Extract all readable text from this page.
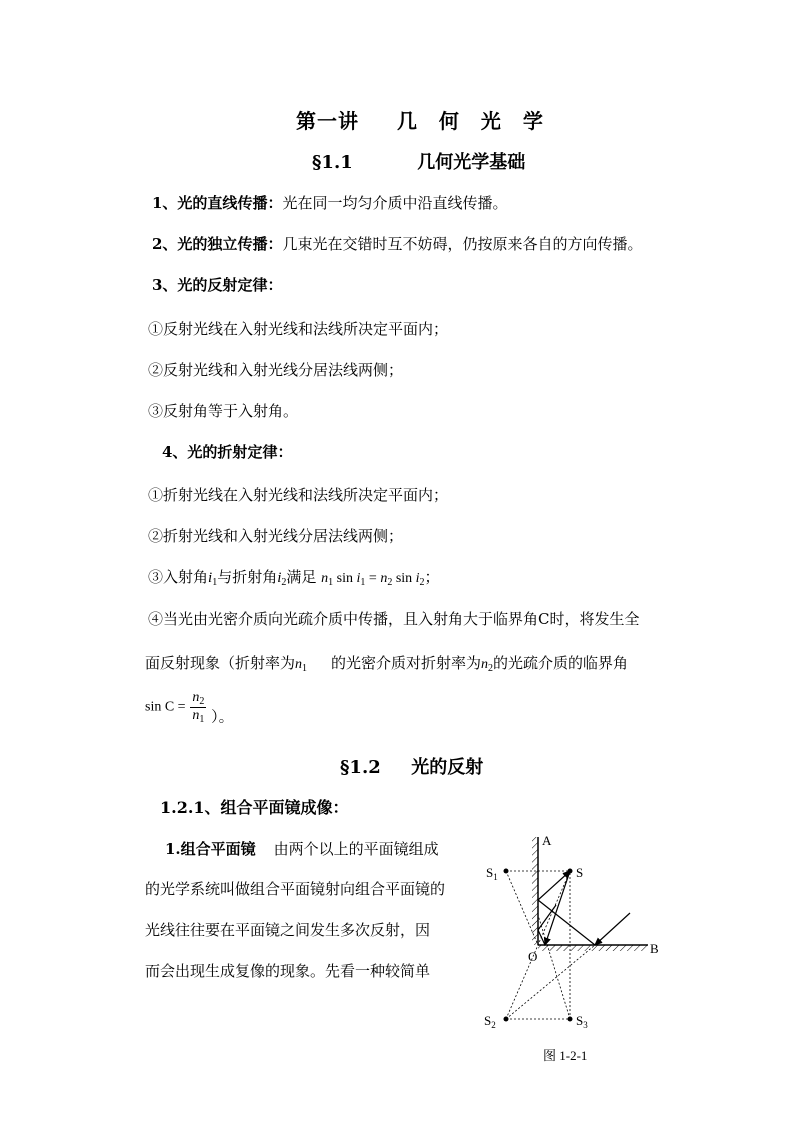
第一讲 几　何　光　学
§1.1	几何光学基础
1、光的直线传播：光在同一均匀介质中沿直线传播。
2、光的独立传播：几束光在交错时互不妨碍，仍按原来各自的方向传播。
3、光的反射定律：
①反射光线在入射光线和法线所决定平面内；
②反射光线和入射光线分居法线两侧；
③反射角等于入射角。
4、光的折射定律：
①折射光线在入射光线和法线所决定平面内；
②折射光线和入射光线分居法线两侧；
③入射角$i_1$与折射角$i_2$满足 $n_1$ $\sin i_1 = n_2$ $\sin i_2$；
④当光由光密介质向光疏介质中传播，且入射角大于临界角C时，将发生全
面反射现象（折射率为$n_1$ 的光密介质对折射率为$n_2$的光疏介质的临界角
$\sin C = \frac{n_2}{n_1}$ ）。
§1.2 光的反射
1.2.1、组合平面镜成像：
1.组合平面镜 由两个以上的平面镜组成
的光学系统叫做组合平面镜射向组合平面镜的
光线往往要在平面镜之间发生多次反射，因
而会出现生成复像的现象。先看一种较简单
A
B
O
S
$S_1$
$S_2$	$S_3$
图 1-2-1
